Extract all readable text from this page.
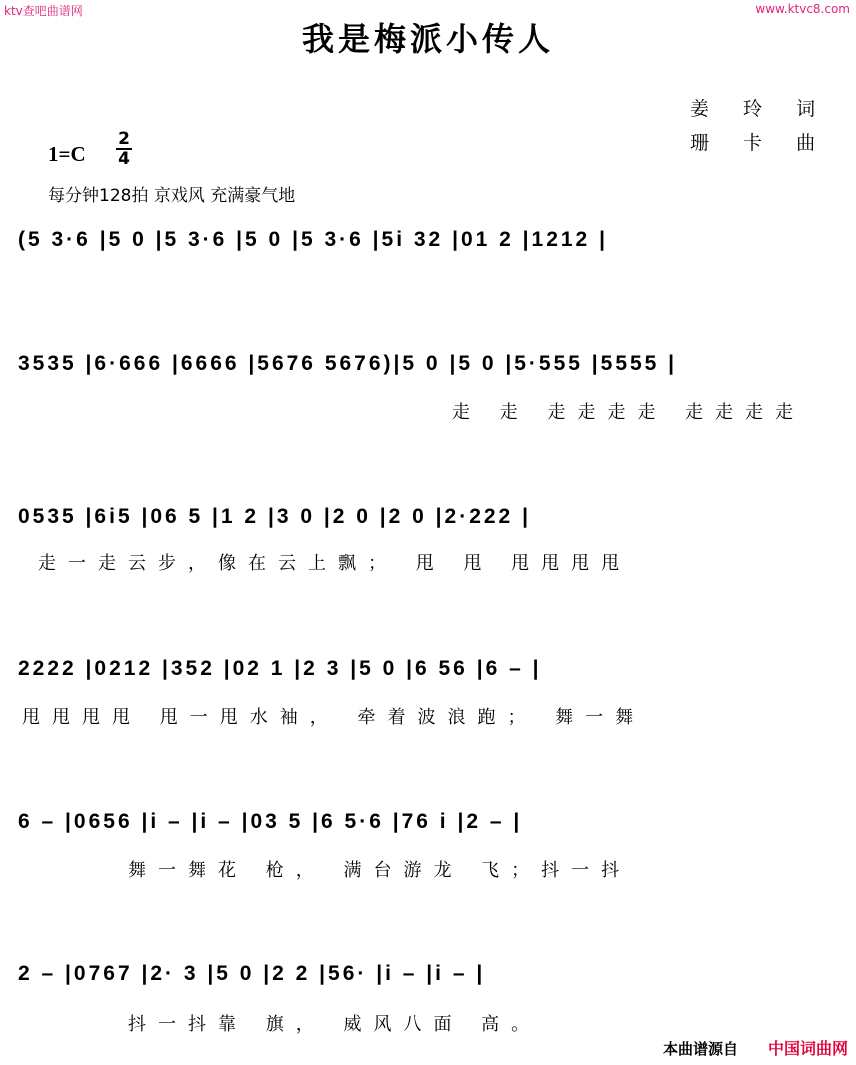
ktv查吧曲谱网	www.ktvc8.com
我是梅派小传人
姜 玲 词
珊 卡 曲
$1=C \frac{2}{4}$
每分钟128拍 京戏风 充满豪气地
(5 3·6 |5 0 |5 3·6 |5 0 |5 3·6 |5i 32 |01 2 |1212 |
3535 |6·666 |6666 |5676 5676)|5 0 |5 0 |5·555 |5555 |
走 走 走走走走 走走走走
0535 |6i5 |06 5 |1 2 |3 0 |2 0 |2 0 |2·222 |
走一走云步，像在云上飘； 甩 甩 甩甩甩甩
2222 |0212 |352 |02 1 |2 3 |5 0 |6 56 |6 – |
甩甩甩甩 甩一甩水袖， 牵着波浪跑； 舞一舞
6 – |0656 |i – |i – |03 5 |6 5·6 |76 i |2 – |
舞一舞花 枪， 满台游龙 飞；抖一抖
2 – |0767 |2· 3 |5 0 |2 2 |56· |i – |i – |
抖一抖靠 旗， 威风八面 高。
本曲谱源自 中国词曲网
